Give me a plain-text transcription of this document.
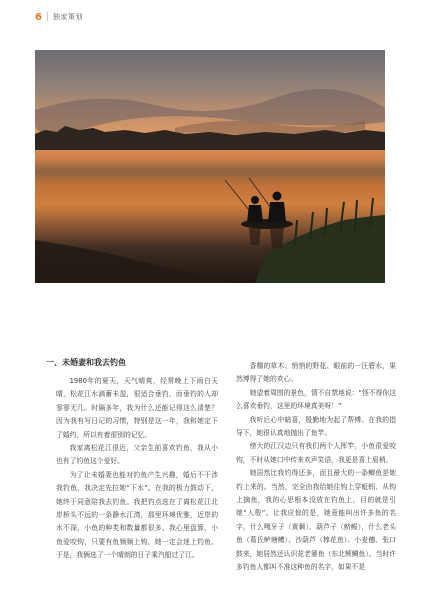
6 | 独家策划

一、未婚妻和我去钓鱼

1980年的夏天，天气晴爽，经常晚上下雨白天晴，松花江水滴蓄未盈，很适合垂钓，而垂钓的人却寥寥无几。时隔多年，我为什么还能记得这么清楚？因为我有写日记的习惯，特别是这一年，我和她定下了婚约，所以有着很别的记忆。

我家离松花江很近，父亲生前喜欢钓鱼，我从小也有了钓鱼这个爱好。

为了让未婚妻也能对钓鱼产生兴趣，婚后不干涉我钓鱼，我决定先拉她“下水”。在我的极力鼓动下，她终于同意陪我去钓鱼。我把钓点选在了离松花江北岸桥头不远的一条静水江湾，那里环境优雅，近岸的水不深，小鱼的种类和数量都很多。我心里盘算，小鱼爱咬钩，只要有鱼频频上钩，她一定会迷上钓鱼。于是，我俩选了一个晴朗的日子乘汽船过了江。

香糯的草木、悄悄的野花、眼前的一汪碧水，果然博得了她的欢心。

她望着周围的景色，情不自禁地说：“怪不得你这么喜欢垂钓，这里的环境真美呀！”

我听后心中暗喜，殷勤地为起了帮傅。在我的指导下，她很认真地抛出了鱼竿。

傍大的江汉边只有我们两个人挥竿，小鱼很爱咬钩，不时从她口中传来欢声笑语，我更是喜上眉梢。

她居然比我钓得还多，而且最大的一条鲫鱼是她钓上来的。当然，完全由我给她往钩上穿蚯蚓、从钩上摘鱼，我的心思根本没放在钓鱼上，目的就是引她“入彀”。让我应惊的是，她竟能叫出许多鱼的名字，什么嘎牙子（黄颡）、葫芦子（鲚鲅），什么老头鱼（葛氏鲈塘鳢）、沙葫芦（棒花鱼）、小麦穗、张口鼓来，她居然还认识花老婆鱼（东北颊鲷鱼）。当时许多钓鱼人都叫不准这种鱼的名字，如果不是
